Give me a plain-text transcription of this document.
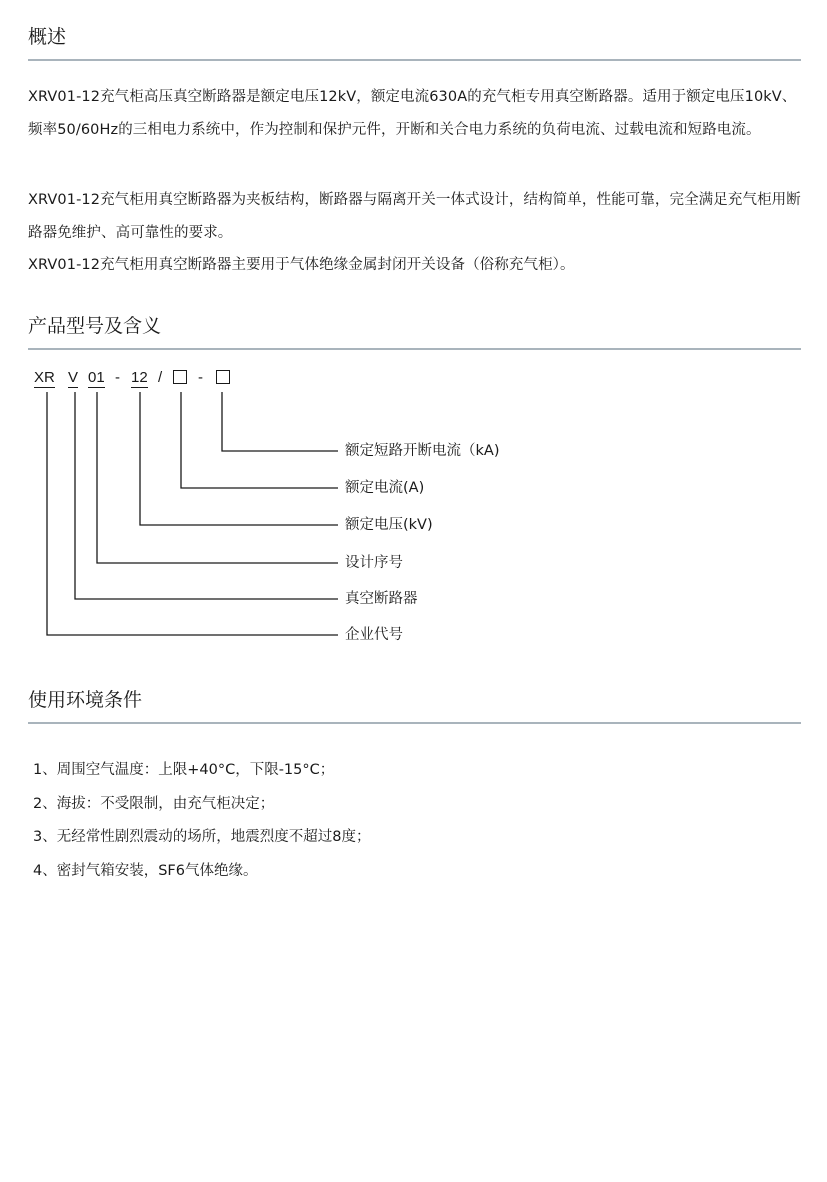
概述

XRV01-12充气柜高压真空断路器是额定电压12kV，额定电流630A的充气柜专用真空断路器。适用于额定电压10kV、频率50/60Hz的三相电力系统中，作为控制和保护元件，开断和关合电力系统的负荷电流、过载电流和短路电流。

XRV01-12充气柜用真空断路器为夹板结构，断路器与隔离开关一体式设计，结构简单，性能可靠，完全满足充气柜用断路器免维护、高可靠性的要求。

XRV01-12充气柜用真空断路器主要用于气体绝缘金属封闭开关设备（俗称充气柜）。

产品型号及含义
XR V 01 - 12 / -
额定短路开断电流（kA)
额定电流(A)
额定电压(kV)
设计序号
真空断路器
企业代号
使用环境条件
1、周围空气温度：上限+40°C，下限-15°C；
2、海拔：不受限制，由充气柜决定；
3、无经常性剧烈震动的场所，地震烈度不超过8度；
4、密封气箱安装，SF6气体绝缘。
